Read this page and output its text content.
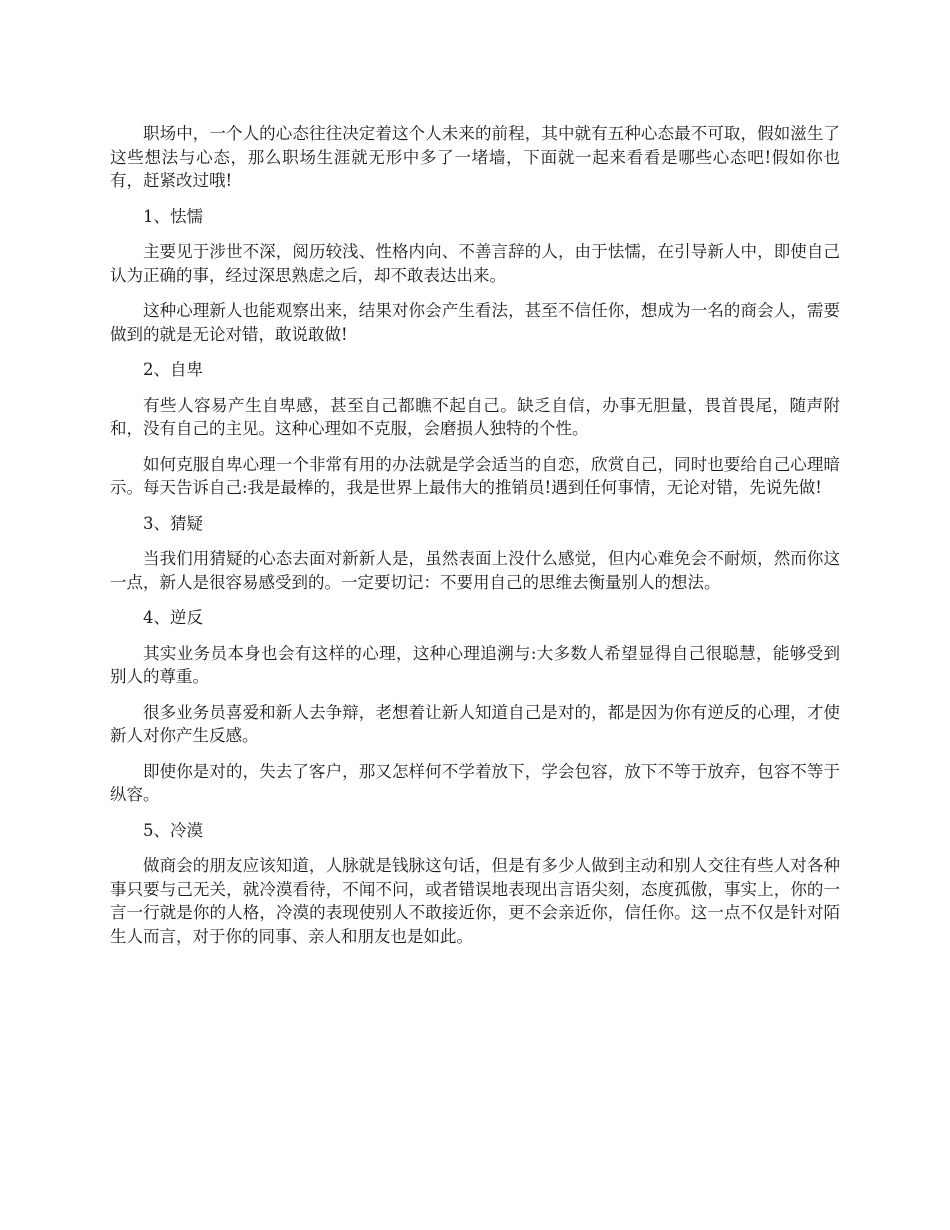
职场中，一个人的心态往往决定着这个人未来的前程，其中就有五种心态最不可取，假如滋生了这些想法与心态，那么职场生涯就无形中多了一堵墙，下面就一起来看看是哪些心态吧!假如你也有，赶紧改过哦!

1、怯懦

主要见于涉世不深，阅历较浅、性格内向、不善言辞的人，由于怯懦，在引导新人中，即使自己认为正确的事，经过深思熟虑之后，却不敢表达出来。

这种心理新人也能观察出来，结果对你会产生看法，甚至不信任你，想成为一名的商会人，需要做到的就是无论对错，敢说敢做!

2、自卑

有些人容易产生自卑感，甚至自己都瞧不起自己。缺乏自信，办事无胆量，畏首畏尾，随声附和，没有自己的主见。这种心理如不克服，会磨损人独特的个性。

如何克服自卑心理一个非常有用的办法就是学会适当的自恋，欣赏自己，同时也要给自己心理暗示。每天告诉自己:我是最棒的，我是世界上最伟大的推销员!遇到任何事情，无论对错，先说先做!

3、猜疑

当我们用猜疑的心态去面对新新人是，虽然表面上没什么感觉，但内心难免会不耐烦，然而你这一点，新人是很容易感受到的。一定要切记：不要用自己的思维去衡量别人的想法。

4、逆反

其实业务员本身也会有这样的心理，这种心理追溯与:大多数人希望显得自己很聪慧，能够受到别人的尊重。

很多业务员喜爱和新人去争辩，老想着让新人知道自己是对的，都是因为你有逆反的心理，才使新人对你产生反感。

即使你是对的，失去了客户，那又怎样何不学着放下，学会包容，放下不等于放弃，包容不等于纵容。

5、冷漠

做商会的朋友应该知道，人脉就是钱脉这句话，但是有多少人做到主动和别人交往有些人对各种事只要与己无关，就冷漠看待，不闻不问，或者错误地表现出言语尖刻，态度孤傲，事实上，你的一言一行就是你的人格，冷漠的表现使别人不敢接近你，更不会亲近你，信任你。这一点不仅是针对陌生人而言，对于你的同事、亲人和朋友也是如此。
